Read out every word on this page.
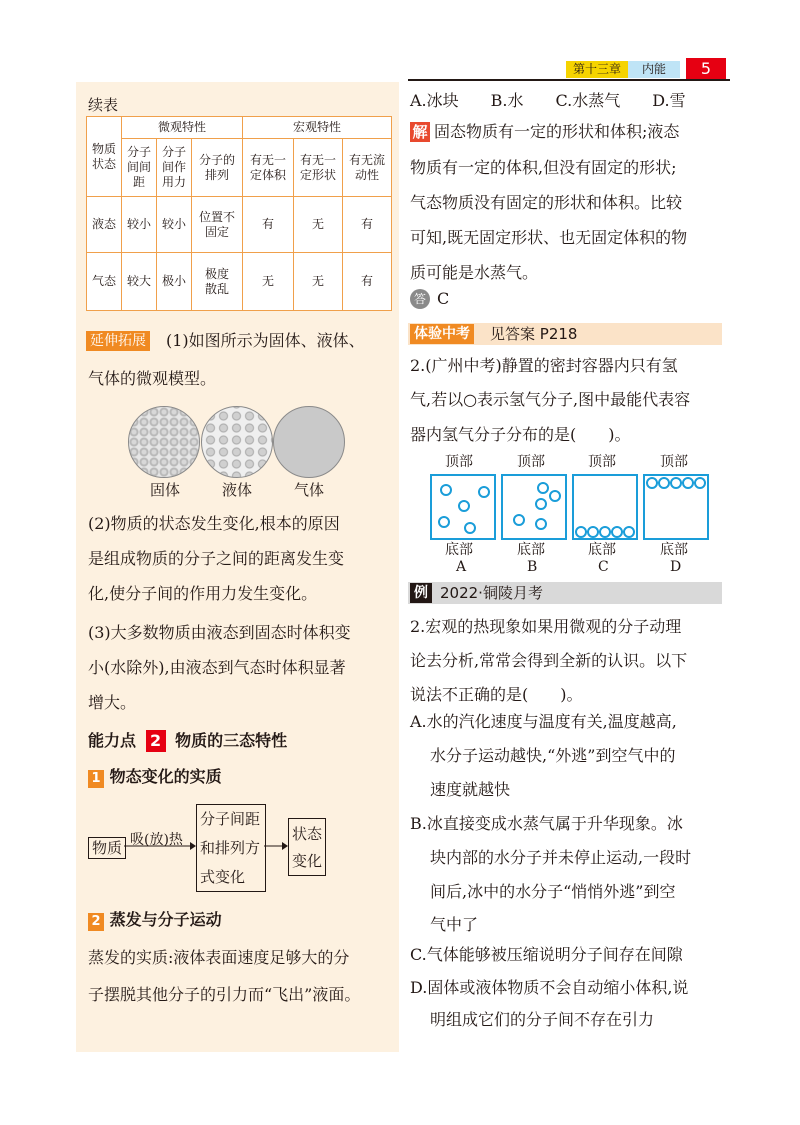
第十三章	内能	5
续表
物质状态	微观特性			宏观特性		
	分子间间距	分子间作用力	分子的排列	有无一定体积	有无一定形状	有无流动性
液态	较小	较小	位置不固定	有	无	有
气态	较大	极小	极度散乱	无	无	有
延伸拓展 (1)如图所示为固体、液体、
气体的微观模型。
固体	液体	气体
(2)物质的状态发生变化,根本的原因
是组成物质的分子之间的距离发生变
化,使分子间的作用力发生变化。
(3)大多数物质由液态到固态时体积变
小(水除外),由液态到气态时体积显著
增大。
能力点 2 物质的三态特性
1 物态变化的实质
物质 吸(放)热
分子间距
和排列方
式变化
状态
变化
2 蒸发与分子运动
蒸发的实质:液体表面速度足够大的分
子摆脱其他分子的引力而“飞出”液面。
A.冰块　　B.水　　C.水蒸气　　D.雪
解 固态物质有一定的形状和体积;液态
物质有一定的体积,但没有固定的形状;
气态物质没有固定的形状和体积。比较
可知,既无固定形状、也无固定体积的物
质可能是水蒸气。
答 C
体验中考 见答案 P218
2.(广州中考)静置的密封容器内只有氢
气,若以○表示氢气分子,图中最能代表容
器内氢气分子分布的是(　　)。
顶部	顶部	顶部	顶部
底部	底部	底部	底部
A	B	C	D
例 2022·铜陵月考
2.宏观的热现象如果用微观的分子动理
论去分析,常常会得到全新的认识。以下
说法不正确的是(　　)。
A.水的汽化速度与温度有关,温度越高,
水分子运动越快,“外逃”到空气中的
速度就越快
B.冰直接变成水蒸气属于升华现象。冰
块内部的水分子并未停止运动,一段时
间后,冰中的水分子“悄悄外逃”到空
气中了
C.气体能够被压缩说明分子间存在间隙
D.固体或液体物质不会自动缩小体积,说
明组成它们的分子间不存在引力
